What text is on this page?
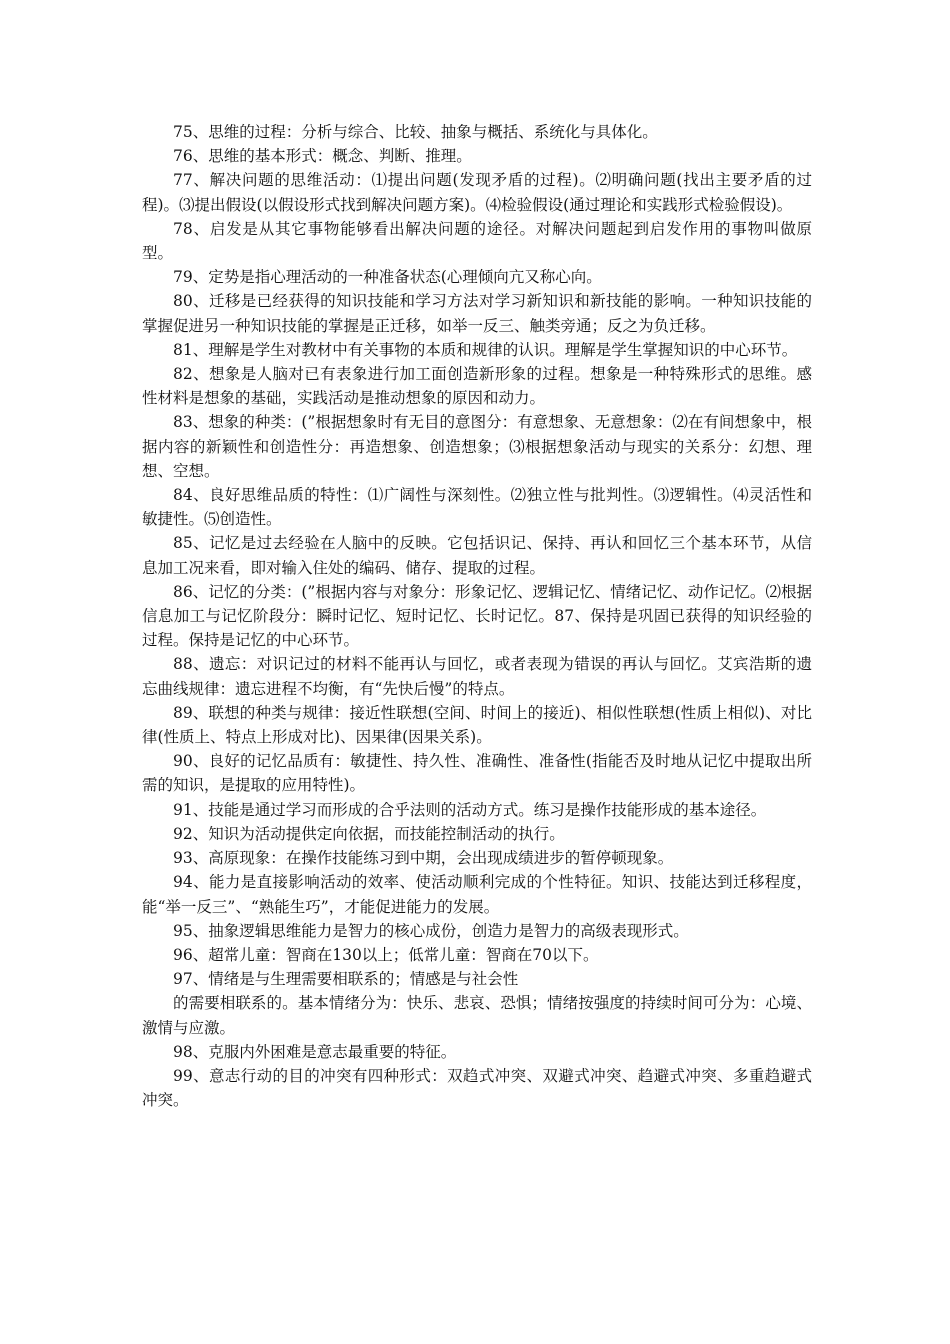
75、思维的过程：分析与综合、比较、抽象与概括、系统化与具体化。

76、思维的基本形式：概念、判断、推理。

77、解决问题的思维活动：⑴提出问题(发现矛盾的过程)。⑵明确问题(找出主要矛盾的过程)。⑶提出假设(以假设形式找到解决问题方案)。⑷检验假设(通过理论和实践形式检验假设)。

78、启发是从其它事物能够看出解决问题的途径。对解决问题起到启发作用的事物叫做原型。

79、定势是指心理活动的一种准备状态(心理倾向亢又称心向。

80、迁移是已经获得的知识技能和学习方法对学习新知识和新技能的影响。一种知识技能的掌握促进另一种知识技能的掌握是正迁移，如举一反三、触类旁通；反之为负迁移。

81、理解是学生对教材中有关事物的本质和规律的认识。理解是学生掌握知识的中心环节。

82、想象是人脑对已有表象进行加工面创造新形象的过程。想象是一种特殊形式的思维。感性材料是想象的基础，实践活动是推动想象的原因和动力。

83、想象的种类：(”根据想象时有无目的意图分：有意想象、无意想象：⑵在有间想象中，根据内容的新颖性和创造性分：再造想象、创造想象；⑶根据想象活动与现实的关系分：幻想、理想、空想。

84、良好思维品质的特性：⑴广阔性与深刻性。⑵独立性与批判性。⑶逻辑性。⑷灵活性和敏捷性。⑸创造性。

85、记忆是过去经验在人脑中的反映。它包括识记、保持、再认和回忆三个基本环节，从信息加工况来看，即对输入住处的编码、储存、提取的过程。

86、记忆的分类：(”根据内容与对象分：形象记忆、逻辑记忆、情绪记忆、动作记忆。⑵根据信息加工与记忆阶段分：瞬时记忆、短时记忆、长时记忆。87、保持是巩固已获得的知识经验的过程。保持是记忆的中心环节。

88、遗忘：对识记过的材料不能再认与回忆，或者表现为错误的再认与回忆。艾宾浩斯的遗忘曲线规律：遗忘进程不均衡，有“先快后慢”的特点。

89、联想的种类与规律：接近性联想(空间、时间上的接近)、相似性联想(性质上相似)、对比律(性质上、特点上形成对比)、因果律(因果关系)。

90、良好的记忆品质有：敏捷性、持久性、准确性、准备性(指能否及时地从记忆中提取出所需的知识，是提取的应用特性)。

91、技能是通过学习而形成的合乎法则的活动方式。练习是操作技能形成的基本途径。

92、知识为活动提供定向依据，而技能控制活动的执行。

93、高原现象：在操作技能练习到中期，会出现成绩进步的暂停顿现象。

94、能力是直接影响活动的效率、使活动顺利完成的个性特征。知识、技能达到迁移程度，能“举一反三”、“熟能生巧”，才能促进能力的发展。

95、抽象逻辑思维能力是智力的核心成份，创造力是智力的高级表现形式。

96、超常儿童：智商在130以上；低常儿童：智商在70以下。

97、情绪是与生理需要相联系的；情感是与社会性

的需要相联系的。基本情绪分为：快乐、悲哀、恐惧；情绪按强度的持续时间可分为：心境、激情与应激。

98、克服内外困难是意志最重要的特征。

99、意志行动的目的冲突有四种形式：双趋式冲突、双避式冲突、趋避式冲突、多重趋避式冲突。
